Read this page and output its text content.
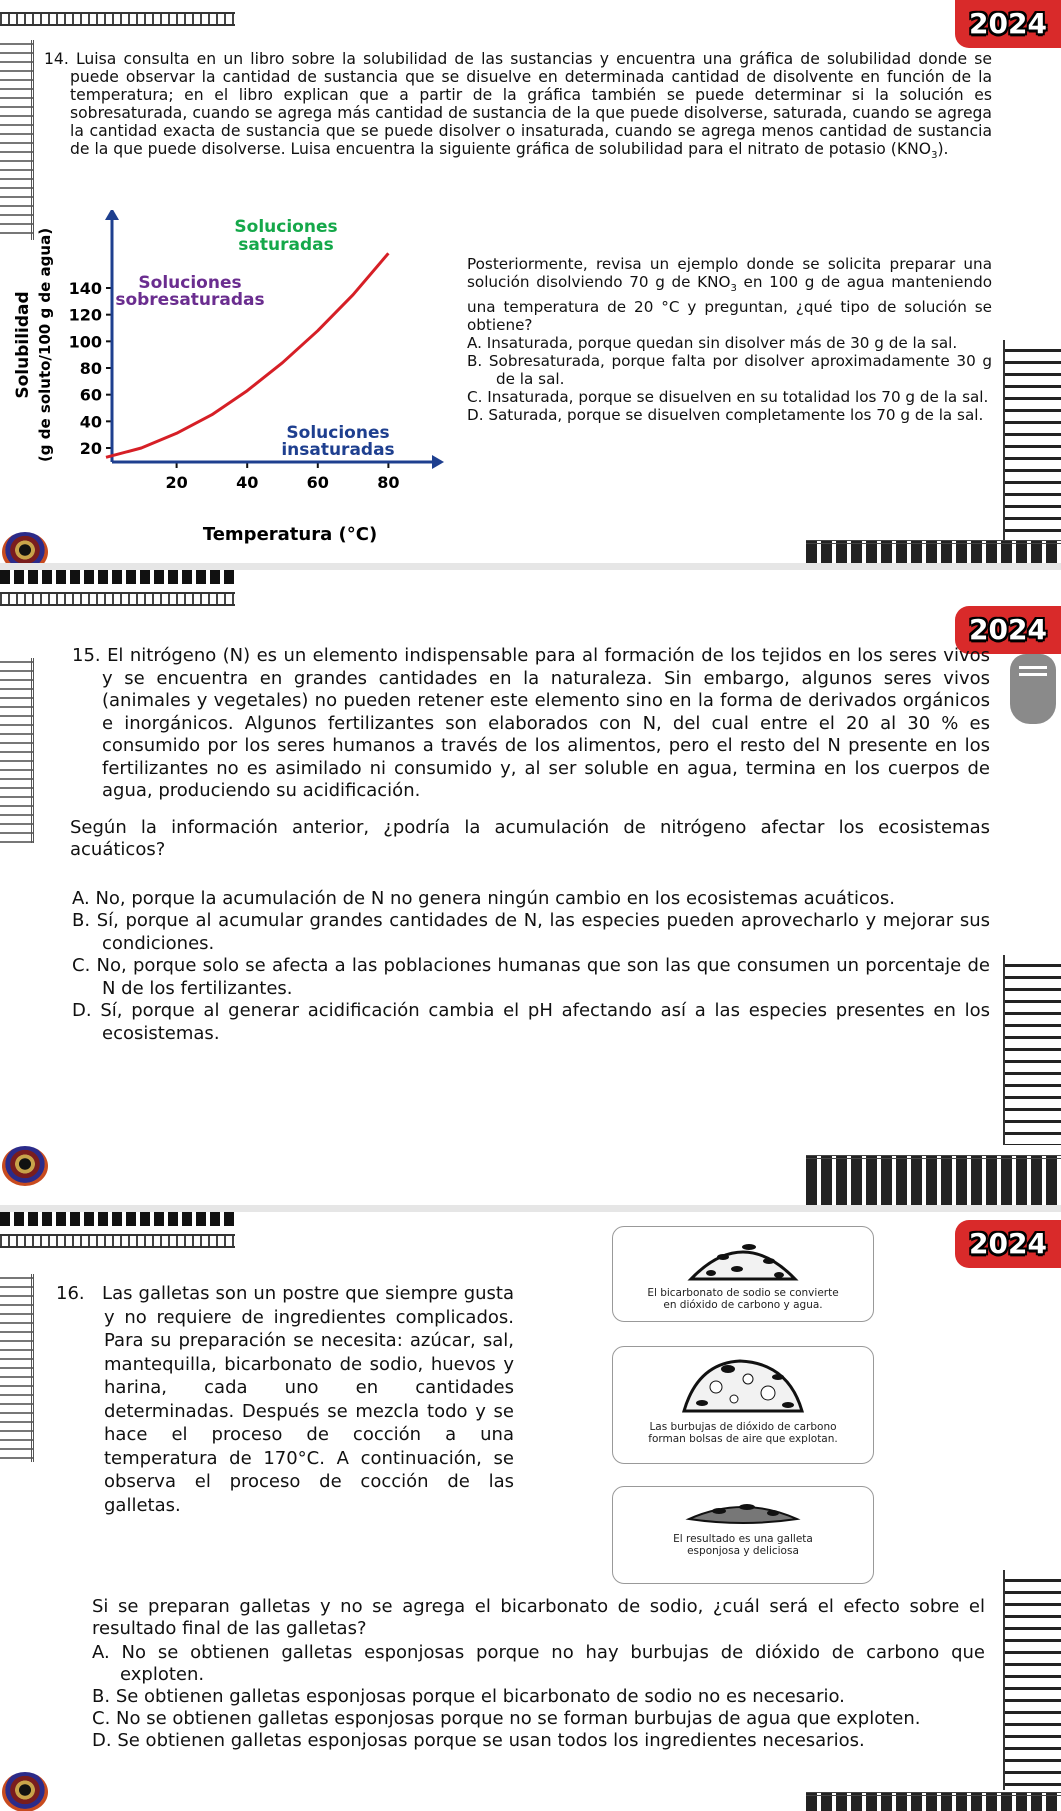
2024

14. Luisa consulta en un libro sobre la solubilidad de las sustancias y encuentra una gráfica de solubilidad donde se puede observar la cantidad de sustancia que se disuelve en determinada cantidad de disolvente en función de la temperatura; en el libro explican que a partir de la gráfica también se puede determinar si la solución es sobresaturada, cuando se agrega más cantidad de sustancia de la que puede disolverse, saturada, cuando se agrega la cantidad exacta de sustancia que se puede disolver o insaturada, cuando se agrega menos cantidad de sustancia de la que puede disolverse. Luisa encuentra la siguiente gráfica de solubilidad para el nitrato de potasio $(KNO_3)$.

20
40
60
80
100
120
140
20	40	60	80
Solubilidad (g de soluto/100 g de agua)
Temperatura (°C)
Soluciones
saturadas
Soluciones
sobresaturadas
Soluciones
insaturadas

Posteriormente, revisa un ejemplo donde se solicita preparar una solución disolviendo 70 g de $KNO_3$ en 100 g de agua manteniendo una temperatura de 20 °C y preguntan, ¿qué tipo de solución se obtiene?

A. Insaturada, porque quedan sin disolver más de 30 g de la sal.

B. Sobresaturada, porque falta por disolver aproximadamente 30 g de la sal.

C. Insaturada, porque se disuelven en su totalidad los 70 g de la sal.

D. Saturada, porque se disuelven completamente los 70 g de la sal.

2024

15. El nitrógeno (N) es un elemento indispensable para al formación de los tejidos en los seres vivos y se encuentra en grandes cantidades en la naturaleza. Sin embargo, algunos seres vivos (animales y vegetales) no pueden retener este elemento sino en la forma de derivados orgánicos e inorgánicos. Algunos fertilizantes son elaborados con N, del cual entre el 20 al 30 % es consumido por los seres humanos a través de los alimentos, pero el resto del N presente en los fertilizantes no es asimilado ni consumido y, al ser soluble en agua, termina en los cuerpos de agua, produciendo su acidificación.

Según la información anterior, ¿podría la acumulación de nitrógeno afectar los ecosistemas acuáticos?

A. No, porque la acumulación de N no genera ningún cambio en los ecosistemas acuáticos.

B. Sí, porque al acumular grandes cantidades de N, las especies pueden aprovecharlo y mejorar sus condiciones.

C. No, porque solo se afecta a las poblaciones humanas que son las que consumen un porcentaje de N de los fertilizantes.

D. Sí, porque al generar acidificación cambia el pH afectando así a las especies presentes en los ecosistemas.

2024

16. Las galletas son un postre que siempre gusta y no requiere de ingredientes complicados. Para su preparación se necesita: azúcar, sal, mantequilla, bicarbonato de sodio, huevos y harina, cada uno en cantidades determinadas. Después se mezcla todo y se hace el proceso de cocción a una temperatura de 170°C. A continuación, se observa el proceso de cocción de las galletas.

El bicarbonato de sodio se convierte
en dióxido de carbono y agua.
Las burbujas de dióxido de carbono
forman bolsas de aire que explotan.
El resultado es una galleta
esponjosa y deliciosa

Si se preparan galletas y no se agrega el bicarbonato de sodio, ¿cuál será el efecto sobre el resultado final de las galletas?

A. No se obtienen galletas esponjosas porque no hay burbujas de dióxido de carbono que exploten.

B. Se obtienen galletas esponjosas porque el bicarbonato de sodio no es necesario.

C. No se obtienen galletas esponjosas porque no se forman burbujas de agua que exploten.

D. Se obtienen galletas esponjosas porque se usan todos los ingredientes necesarios.
